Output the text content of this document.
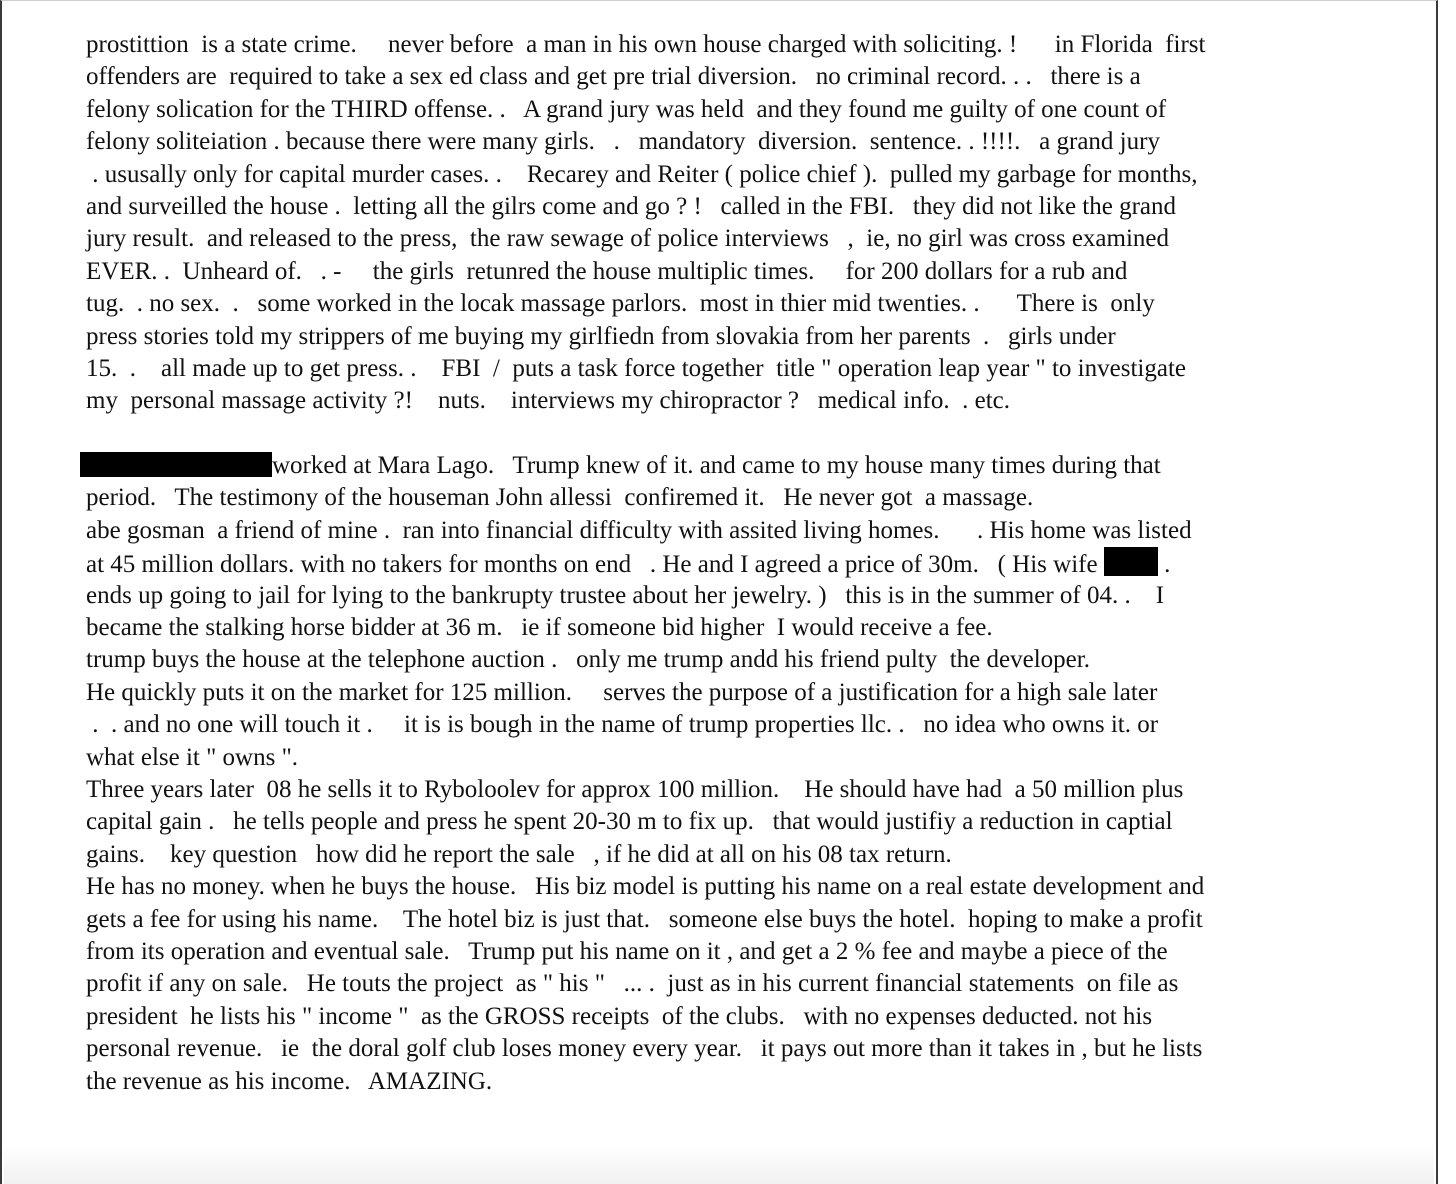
prostittion  is a state crime.     never before  a man in his own house charged with soliciting. !      in Florida  first
offenders are  required to take a sex ed class and get pre trial diversion.   no criminal record. . .   there is a
felony solication for the THIRD offense. .   A grand jury was held  and they found me guilty of one count of
felony soliteiation . because there were many girls.   .   mandatory  diversion.  sentence. . !!!!.   a grand jury
. ususally only for capital murder cases. .    Recarey and Reiter ( police chief ).  pulled my garbage for months,
and surveilled the house .  letting all the gilrs come and go ? !   called in the FBI.   they did not like the grand
jury result.  and released to the press,  the raw sewage of police interviews   ,  ie, no girl was cross examined
EVER. .  Unheard of.   . -     the girls  retunred the house multiplic times.     for 200 dollars for a rub and
tug.  . no sex.  .   some worked in the locak massage parlors.  most in thier mid twenties. .      There is  only
press stories told my strippers of me buying my girlfiedn from slovakia from her parents  .   girls under
15.  .    all made up to get press. .    FBI  /  puts a task force together  title " operation leap year " to investigate
my  personal massage activity ?!    nuts.    interviews my chiropractor ?   medical info.  . etc.
worked at Mara Lago.   Trump knew of it. and came to my house many times during that
period.   The testimony of the houseman John allessi  confiremed it.   He never got  a massage.
abe gosman  a friend of mine .  ran into financial difficulty with assited living homes.      . His home was listed
at 45 million dollars. with no takers for months on end   . He and I agreed a price of 30m.   ( His wife  .
ends up going to jail for lying to the bankrupty trustee about her jewelry. )   this is in the summer of 04. .    I
became the stalking horse bidder at 36 m.   ie if someone bid higher  I would receive a fee.
trump buys the house at the telephone auction .   only me trump andd his friend pulty  the developer.
He quickly puts it on the market for 125 million.     serves the purpose of a justification for a high sale later
.  . and no one will touch it .     it is is bough in the name of trump properties llc. .   no idea who owns it. or
what else it " owns ".
Three years later  08 he sells it to Ryboloolev for approx 100 million.    He should have had  a 50 million plus
capital gain .   he tells people and press he spent 20-30 m to fix up.   that would justifiy a reduction in captial
gains.    key question   how did he report the sale   , if he did at all on his 08 tax return.
He has no money. when he buys the house.   His biz model is putting his name on a real estate development and
gets a fee for using his name.    The hotel biz is just that.   someone else buys the hotel.  hoping to make a profit
from its operation and eventual sale.   Trump put his name on it , and get a 2 % fee and maybe a piece of the
profit if any on sale.   He touts the project  as " his "   ... .  just as in his current financial statements  on file as
president  he lists his " income "  as the GROSS receipts  of the clubs.   with no expenses deducted. not his
personal revenue.   ie  the doral golf club loses money every year.   it pays out more than it takes in , but he lists
the revenue as his income.   AMAZING.
